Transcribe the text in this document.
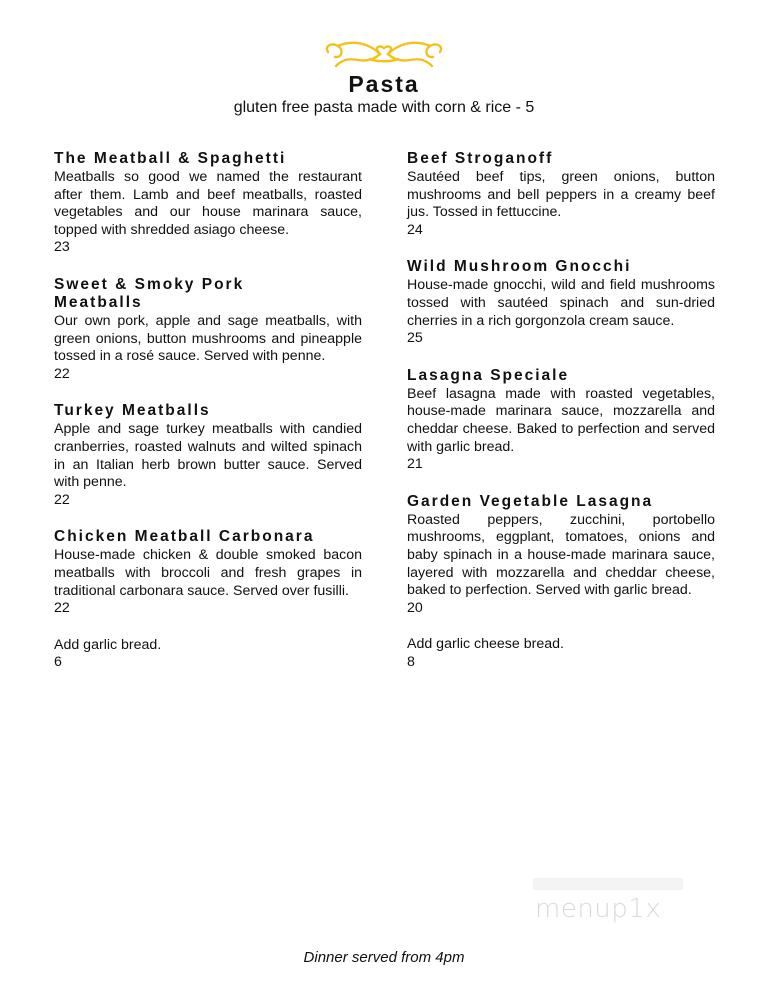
Pasta
gluten free pasta made with corn & rice - 5
The Meatball & Spaghetti
Meatballs so good we named the restaurant after them. Lamb and beef meatballs, roasted vegetables and our house marinara sauce, topped with shredded asiago cheese.
23
Sweet & Smoky Pork Meatballs
Our own pork, apple and sage meatballs, with green onions, button mushrooms and pineapple tossed in a rosé sauce. Served with penne.
22
Turkey Meatballs
Apple and sage turkey meatballs with candied cranberries, roasted walnuts and wilted spinach in an Italian herb brown butter sauce. Served with penne.
22
Chicken Meatball Carbonara
House-made chicken & double smoked bacon meatballs with broccoli and fresh grapes in traditional carbonara sauce. Served over fusilli.
22
Add garlic bread.
6
Beef Stroganoff
Sautéed beef tips, green onions, button mushrooms and bell peppers in a creamy beef jus. Tossed in fettuccine.
24
Wild Mushroom Gnocchi
House-made gnocchi, wild and field mushrooms tossed with sautéed spinach and sun-dried cherries in a rich gorgonzola cream sauce.
25
Lasagna Speciale
Beef lasagna made with roasted vegetables, house-made marinara sauce, mozzarella and cheddar cheese. Baked to perfection and served with garlic bread.
21
Garden Vegetable Lasagna
Roasted peppers, zucchini, portobello mushrooms, eggplant, tomatoes, onions and baby spinach in a house-made marinara sauce, layered with mozzarella and cheddar cheese, baked to perfection. Served with garlic bread.
20
Add garlic cheese bread.
8
menup1x
Dinner served from 4pm
